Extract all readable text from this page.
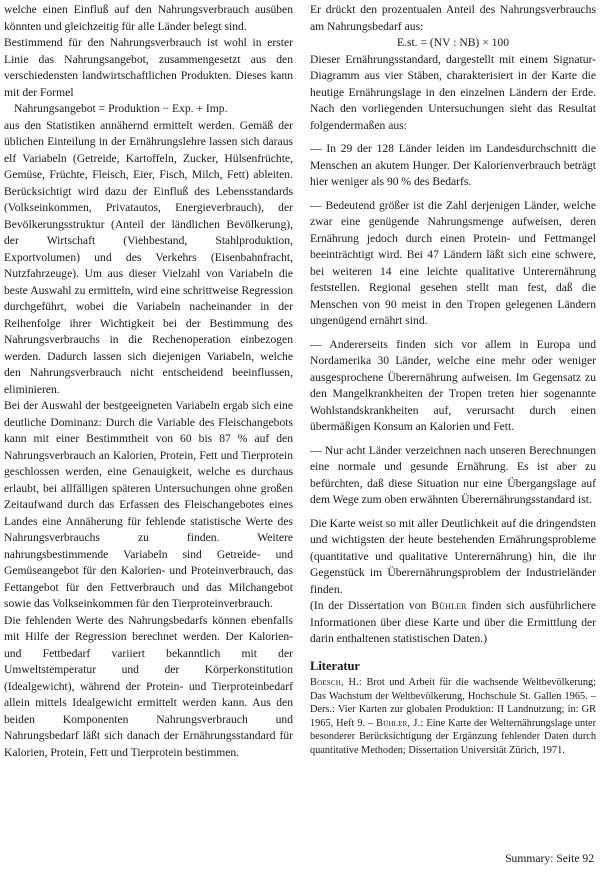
welche einen Einfluß auf den Nahrungsverbrauch ausüben könnten und gleichzeitig für alle Länder belegt sind.

Bestimmend für den Nahrungsverbrauch ist wohl in erster Linie das Nahrungsangebot, zusammengesetzt aus den verschiedensten landwirtschaftlichen Produkten. Dieses kann mit der Formel

Nahrungsangebot = Produktion − Exp. + Imp.

aus den Statistiken annähernd ermittelt werden. Gemäß der üblichen Einteilung in der Ernährungslehre lassen sich daraus elf Variabeln (Getreide, Kartoffeln, Zucker, Hülsenfrüchte, Gemüse, Früchte, Fleisch, Eier, Fisch, Milch, Fett) ableiten. Berücksichtigt wird dazu der Einfluß des Lebensstandards (Volkseinkommen, Privatautos, Energieverbrauch), der Bevölkerungsstruktur (Anteil der ländlichen Bevölkerung), der Wirtschaft (Viehbestand, Stahlproduktion, Exportvolumen) und des Verkehrs (Eisenbahnfracht, Nutzfahrzeuge). Um aus dieser Vielzahl von Variabeln die beste Auswahl zu ermitteln, wird eine schrittweise Regression durchgeführt, wobei die Variabeln nacheinander in der Reihenfolge ihrer Wichtigkeit bei der Bestimmung des Nahrungsverbrauchs in die Rechenoperation einbezogen werden. Dadurch lassen sich diejenigen Variabeln, welche den Nahrungsverbrauch nicht entscheidend beeinflussen, eliminieren.

Bei der Auswahl der bestgeeigneten Variabeln ergab sich eine deutliche Dominanz: Durch die Variable des Fleischangebots kann mit einer Bestimmtheit von 60 bis 87 % auf den Nahrungsverbrauch an Kalorien, Protein, Fett und Tierprotein geschlossen werden, eine Genauigkeit, welche es durchaus erlaubt, bei allfälligen späteren Untersuchungen ohne großen Zeitaufwand durch das Erfassen des Fleischangebotes eines Landes eine Annäherung für fehlende statistische Werte des Nahrungsverbrauchs zu finden. Weitere nahrungsbestimmende Variabeln sind Getreide- und Gemüseangebot für den Kalorien- und Proteinverbrauch, das Fettangebot für den Fettverbrauch und das Milchangebot sowie das Volkseinkommen für den Tierproteinverbrauch.

Die fehlenden Werte des Nahrungsbedarfs können ebenfalls mit Hilfe der Regression berechnet werden. Der Kalorien- und Fettbedarf variiert bekanntlich mit der Umweltstemperatur und der Körperkonstitution (Idealgewicht), während der Protein- und Tierproteinbedarf allein mittels Idealgewicht ermittelt werden kann. Aus den beiden Komponenten Nahrungsverbrauch und Nahrungsbedarf läßt sich danach der Ernährungsstandard für Kalorien, Protein, Fett und Tierprotein bestimmen.

Er drückt den prozentualen Anteil des Nahrungsverbrauchs am Nahrungsbedarf aus:

E.st. = (NV : NB) × 100

Dieser Ernährungsstandard, dargestellt mit einem Signatur-Diagramm aus vier Stäben, charakterisiert in der Karte die heutige Ernährungslage in den einzelnen Ländern der Erde. Nach den vorliegenden Untersuchungen sieht das Resultat folgendermaßen aus:

— In 29 der 128 Länder leiden im Landesdurchschnitt die Menschen an akutem Hunger. Der Kalorienverbrauch beträgt hier weniger als 90 % des Bedarfs.

— Bedeutend größer ist die Zahl derjenigen Länder, welche zwar eine genügende Nahrungsmenge aufweisen, deren Ernährung jedoch durch einen Protein- und Fettmangel beeinträchtigt wird. Bei 47 Ländern läßt sich eine schwere, bei weiteren 14 eine leichte qualitative Unterernährung feststellen. Regional gesehen stellt man fest, daß die Menschen von 90 meist in den Tropen gelegenen Ländern ungenügend ernährt sind.

— Andererseits finden sich vor allem in Europa und Nordamerika 30 Länder, welche eine mehr oder weniger ausgesprochene Überernährung aufweisen. Im Gegensatz zu den Mangelkrankheiten der Tropen treten hier sogenannte Wohlstandskrankheiten auf, verursacht durch einen übermäßigen Konsum an Kalorien und Fett.

— Nur acht Länder verzeichnen nach unseren Berechnungen eine normale und gesunde Ernährung. Es ist aber zu befürchten, daß diese Situation nur eine Übergangslage auf dem Wege zum oben erwähnten Überernährungsstandard ist.

Die Karte weist so mit aller Deutlichkeit auf die dringendsten und wichtigsten der heute bestehenden Ernährungsprobleme (quantitative und qualitative Unterernährung) hin, die ihr Gegenstück im Überernährungsproblem der Industrieländer finden.

(In der Dissertation von Bühler finden sich ausführlichere Informationen über diese Karte und über die Ermittlung der darin enthaltenen statistischen Daten.)

Literatur

Boesch, H.: Brot und Arbeit für die wachsende Weltbevölkerung; Das Wachstum der Weltbevölkerung, Hochschule St. Gallen 1965. – Ders.: Vier Karten zur globalen Produktion: II Landnutzung; in: GR 1965, Heft 9. – Bühler, J.: Eine Karte der Welternährungslage unter besonderer Berücksichtigung der Ergänzung fehlender Daten durch quantitative Methoden; Dissertation Universität Zürich, 1971.

Summary: Seite 92
